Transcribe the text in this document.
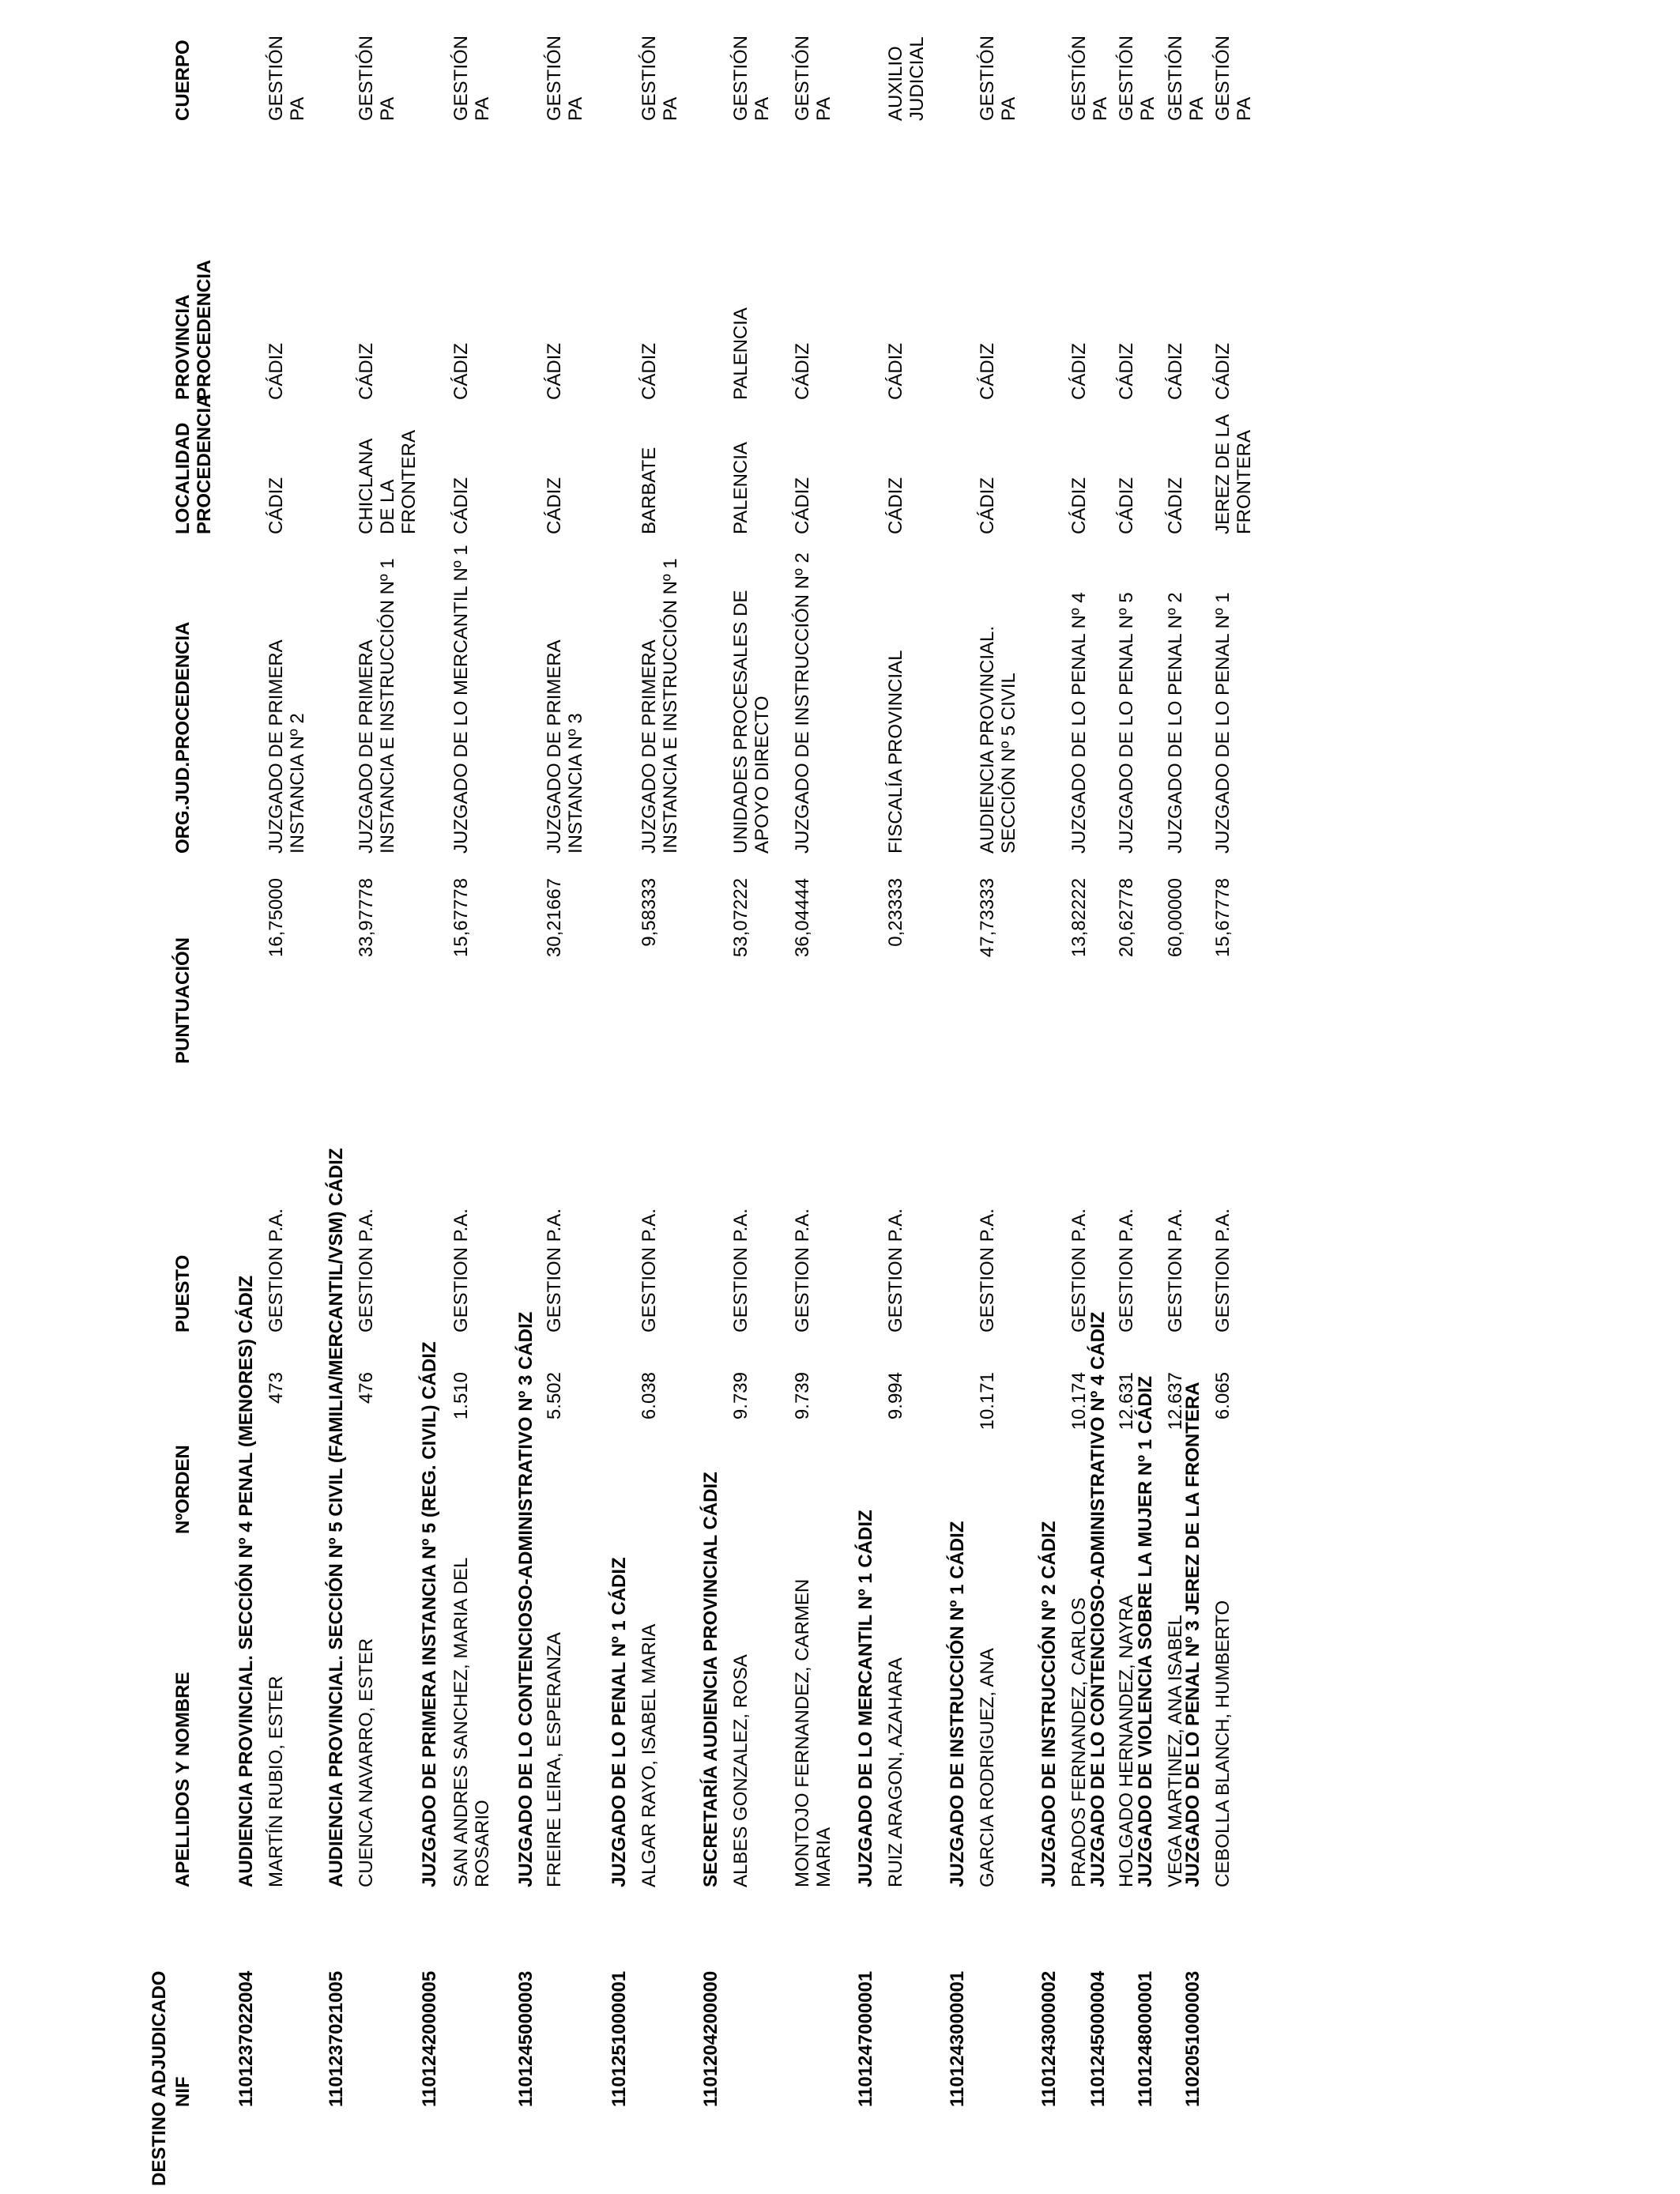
DESTINO ADJUDICADO NIF
APELLIDOS Y NOMBRE
NºORDEN
PUESTO
PUNTUACIÓN
ORG.JUD.PROCEDENCIA
LOCALIDAD PROCEDENCIA
PROVINCIA PROCEDENCIA
CUERPO
110123702200​4
AUDIENCIA PROVINCIAL. SECCIÓN Nº 4 PENAL (MENORES) CÁDIZ MARTÍN RUBIO, ESTER
473
GESTION P.A.
16,75000
JUZGADO DE PRIMERA INSTANCIA Nº 2
CÁDIZ
CÁDIZ
GESTIÓN PA
1101237021005
AUDIENCIA PROVINCIAL. SECCIÓN Nº 5 CIVIL (FAMILIA/MERCANTIL/VSM) CÁDIZ CUENCA NAVARRO, ESTER
476
GESTION P.A.
33,97778
JUZGADO DE PRIMERA INSTANCIA E INSTRUCCIÓN Nº 1
CHICLANA DE LA FRONTERA
CÁDIZ
GESTIÓN PA
1101242000005
JUZGADO DE PRIMERA INSTANCIA Nº 5 (REG. CIVIL) CÁDIZ SAN ANDRES SANCHEZ, MARIA DEL ROSARIO
1.510
GESTION P.A.
15,67778
JUZGADO DE LO MERCANTIL Nº 1
CÁDIZ
CÁDIZ
GESTIÓN PA
1101245000003
JUZGADO DE LO CONTENCIOSO-ADMINISTRATIVO Nº 3 CÁDIZ FREIRE LEIRA, ESPERANZA
5.502
GESTION P.A.
30,21667
JUZGADO DE PRIMERA INSTANCIA Nº 3
CÁDIZ
CÁDIZ
GESTIÓN PA
1101251000001
JUZGADO DE LO PENAL Nº 1 CÁDIZ ALGAR RAYO, ISABEL MARIA
6.038
GESTION P.A.
9,58333
JUZGADO DE PRIMERA INSTANCIA E INSTRUCCIÓN Nº 1
BARBATE
CÁDIZ
GESTIÓN PA
1101204200000
SECRETARÍA AUDIENCIA PROVINCIAL CÁDIZ ALBES GONZALEZ, ROSA
9.739
GESTION P.A.
53,07222
UNIDADES PROCESALES DE APOYO DIRECTO
PALENCIA
PALENCIA
GESTIÓN PA
MONTOJO FERNANDEZ, CARMEN MARIA
9.739
GESTION P.A.
36,04444
JUZGADO DE INSTRUCCIÓN Nº 2
CÁDIZ
CÁDIZ
GESTIÓN PA
1101247000001
JUZGADO DE LO MERCANTIL Nº 1 CÁDIZ RUIZ ARAGON, AZAHARA
9.994
GESTION P.A.
0,23333
FISCALÍA PROVINCIAL
CÁDIZ
CÁDIZ
AUXILIO JUDICIAL
1101243000001
JUZGADO DE INSTRUCCIÓN Nº 1 CÁDIZ GARCIA RODRIGUEZ, ANA
10.171
GESTION P.A.
47,73333
AUDIENCIA PROVINCIAL. SECCIÓN Nº 5 CIVIL
CÁDIZ
CÁDIZ
GESTIÓN PA
1101243000002
JUZGADO DE INSTRUCCIÓN Nº 2 CÁDIZ PRADOS FERNANDEZ, CARLOS
10.174
GESTION P.A.
13,82222
JUZGADO DE LO PENAL Nº 4
CÁDIZ
CÁDIZ
GESTIÓN PA
1101245000004
JUZGADO DE LO CONTENCIOSO-ADMINISTRATIVO Nº 4 CÁDIZ HOLGADO HERNANDEZ, NAYRA
12.631
GESTION P.A.
20,62778
JUZGADO DE LO PENAL Nº 5
CÁDIZ
CÁDIZ
GESTIÓN PA
1101248000001
JUZGADO DE VIOLENCIA SOBRE LA MUJER Nº 1 CÁDIZ VEGA MARTINEZ, ANA ISABEL
12.637
GESTION P.A.
60,00000
JUZGADO DE LO PENAL Nº 2
CÁDIZ
CÁDIZ
GESTIÓN PA
1102051000003
JUZGADO DE LO PENAL Nº 3 JEREZ DE LA FRONTERA CEBOLLA BLANCH, HUMBERTO
6.065
GESTION P.A.
15,67778
JUZGADO DE LO PENAL Nº 1
JEREZ DE LA FRONTERA
CÁDIZ
GESTIÓN PA
